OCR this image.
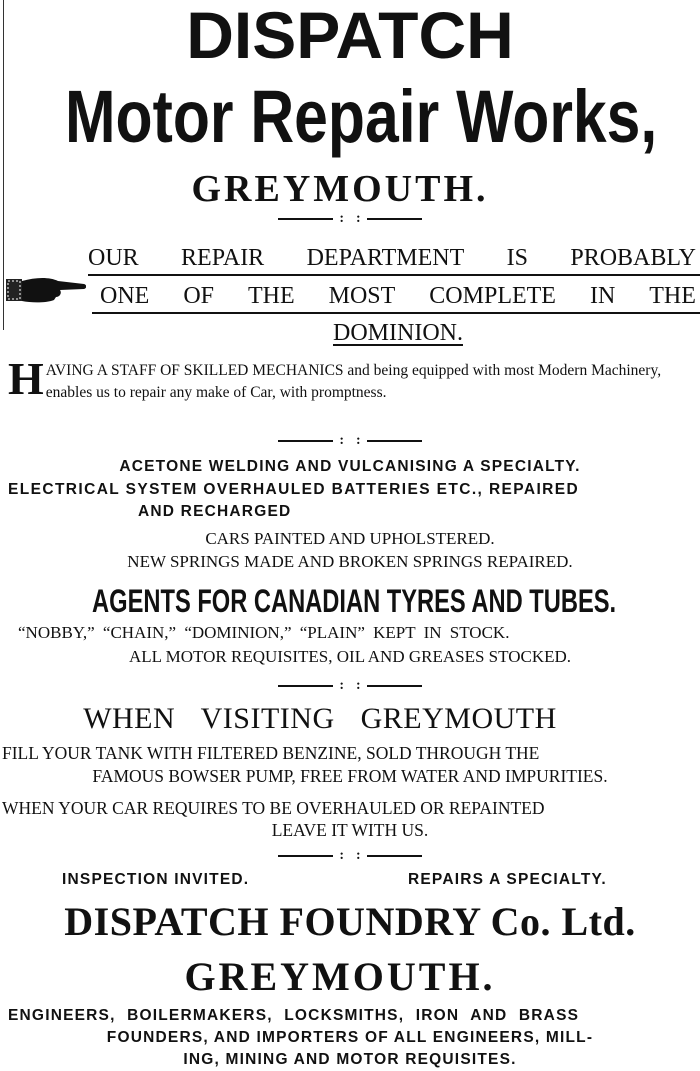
DISPATCH
Motor Repair Works,
GREYMOUTH.
: :
OUR REPAIR DEPARTMENT IS PROBABLY
ONE OF THE MOST COMPLETE IN THE
DOMINION.
H AVING A STAFF OF SKILLED MECHANICS and being equipped with most Modern Machinery, enables us to repair any make of Car, with promptness.
: :
ACETONE WELDING AND VULCANISING A SPECIALTY.
ELECTRICAL SYSTEM OVERHAULED BATTERIES ETC., REPAIRED
AND RECHARGED
CARS PAINTED AND UPHOLSTERED.
NEW SPRINGS MADE AND BROKEN SPRINGS REPAIRED.
AGENTS FOR CANADIAN TYRES AND TUBES.
“NOBBY,” “CHAIN,” “DOMINION,” “PLAIN” KEPT IN STOCK.
ALL MOTOR REQUISITES, OIL AND GREASES STOCKED.
: :
WHEN VISITING GREYMOUTH
FILL YOUR TANK WITH FILTERED BENZINE, SOLD THROUGH THE
FAMOUS BOWSER PUMP, FREE FROM WATER AND IMPURITIES.
WHEN YOUR CAR REQUIRES TO BE OVERHAULED OR REPAINTED
LEAVE IT WITH US.
: :
INSPECTION INVITED.	REPAIRS A SPECIALTY.
DISPATCH FOUNDRY Co. Ltd.
GREYMOUTH.
ENGINEERS, BOILERMAKERS, LOCKSMITHS, IRON AND BRASS
FOUNDERS, AND IMPORTERS OF ALL ENGINEERS, MILL-
ING, MINING AND MOTOR REQUISITES.
